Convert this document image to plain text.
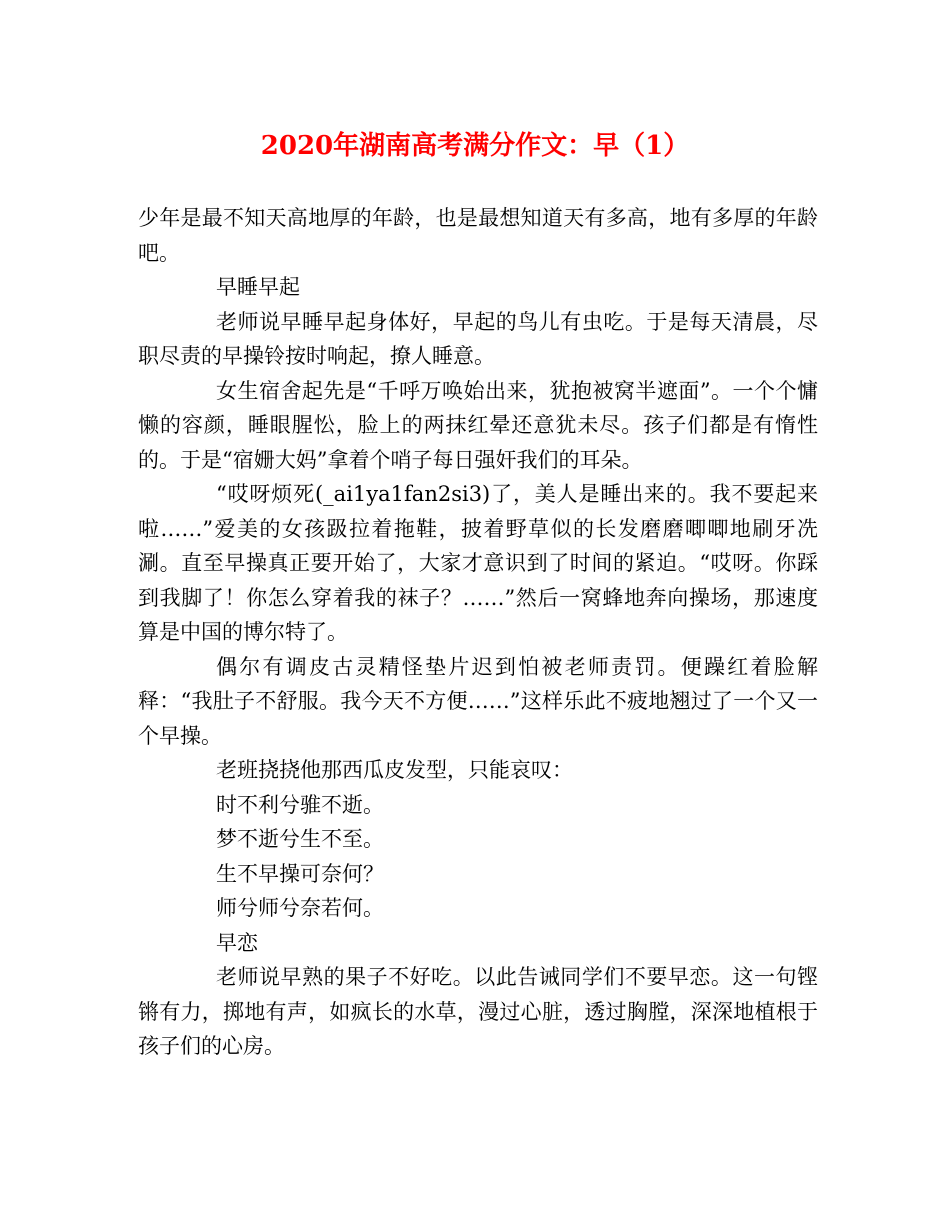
2020年湖南高考满分作文：早（1）

少年是最不知天高地厚的年龄，也是最想知道天有多高，地有多厚的年龄吧。

早睡早起

老师说早睡早起身体好，早起的鸟儿有虫吃。于是每天清晨，尽职尽责的早操铃按时响起，撩人睡意。

女生宿舍起先是“千呼万唤始出来，犹抱被窝半遮面”。一个个慵懒的容颜，睡眼腥忪，脸上的两抹红晕还意犹未尽。孩子们都是有惰性的。于是“宿姗大妈”拿着个哨子每日强奸我们的耳朵。

“哎呀烦死(_ai1ya1fan2si3)了，美人是睡出来的。我不要起来啦……”爱美的女孩趿拉着拖鞋，披着野草似的长发磨磨唧唧地刷牙冼涮。直至早操真正要开始了，大家才意识到了时间的紧迫。“哎呀。你踩到我脚了！你怎么穿着我的袜子？……”然后一窝蜂地奔向操场，那速度算是中国的博尔特了。

偶尔有调皮古灵精怪垫片迟到怕被老师责罚。便躁红着脸解释：“我肚子不舒服。我今天不方便……”这样乐此不疲地翘过了一个又一个早操。

老班挠挠他那西瓜皮发型，只能哀叹：

时不利兮骓不逝。

梦不逝兮生不至。

生不早操可奈何？

师兮师兮奈若何。

早恋

老师说早熟的果子不好吃。以此告诫同学们不要早恋。这一句铿锵有力，掷地有声，如疯长的水草，漫过心脏，透过胸膛，深深地植根于孩子们的心房。
